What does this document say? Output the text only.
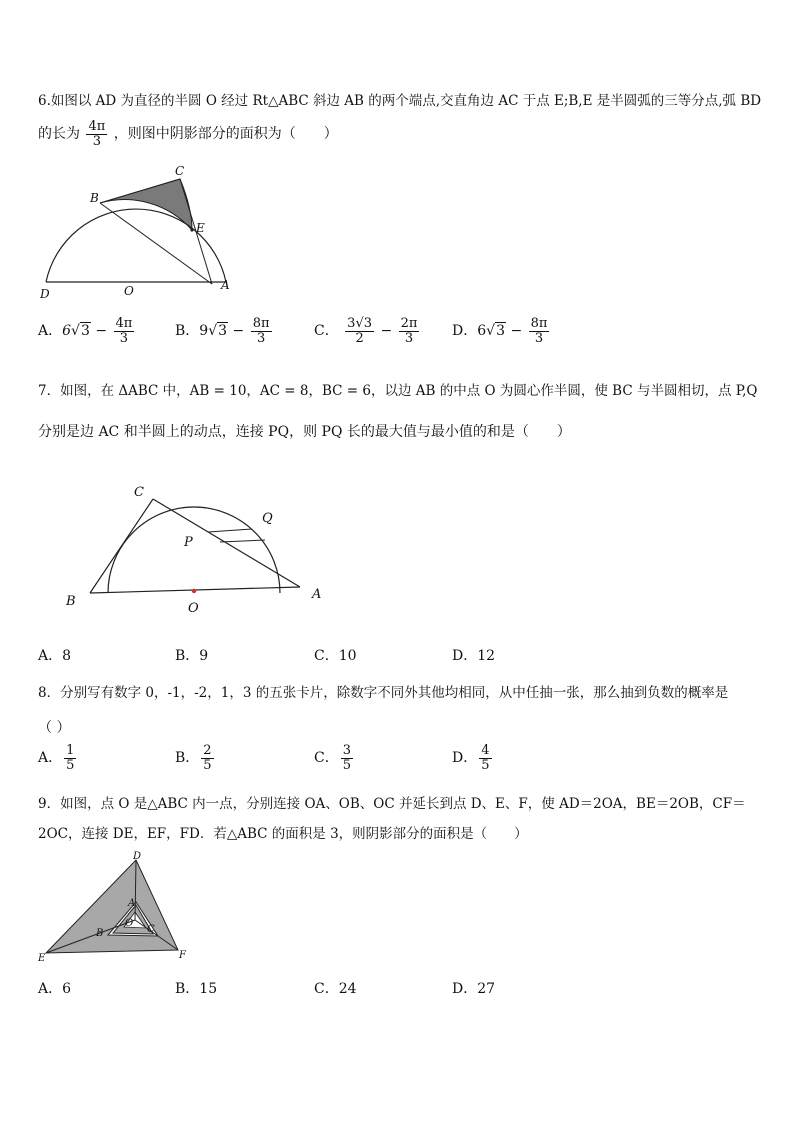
6.如图以 AD 为直径的半圆 O 经过 Rt△ABC 斜边 AB 的两个端点,交直角边 AC 于点 E;B,E 是半圆弧的三等分点,弧 BD
的长为 $\frac{4\pi}{3}$ ，则图中阴影部分的面积为（　　）
C
B
E
D	O	A
A．$6√3 - \frac{4\pi}{3}$	B．$9√3 - \frac{8\pi}{3}$	C． $\frac{3√3}{2} - \frac{2\pi}{3}$ D．$6√3 - \frac{8\pi}{3}$
7．如图，在 ΔABC 中，AB = 10，AC = 8，BC = 6，以边 AB 的中点 O 为圆心作半圆，使 BC 与半圆相切，点 P,Q
分别是边 AC 和半圆上的动点，连接 PQ，则 PQ 长的最大值与最小值的和是（　　）
C
Q
P
B	O
A
A．8	B．9	C．10	D．12
8．分别写有数字 0，-1，-2，1，3 的五张卡片，除数字不同外其他均相同，从中任抽一张，那么抽到负数的概率是
（ ）
A． $\frac{1}{5}$	B． $\frac{2}{5}$	C． $\frac{3}{5}$	D． $\frac{4}{5}$
9．如图，点 O 是△ABC 内一点，分别连接 OA、OB、OC 并延长到点 D、E、F，使 AD＝2OA，BE＝2OB，CF＝
2OC，连接 DE，EF，FD．若△ABC 的面积是 3，则阴影部分的面积是（　　）
D
A
O
B	C
E	F
A．6	B．15	C．24	D．27
